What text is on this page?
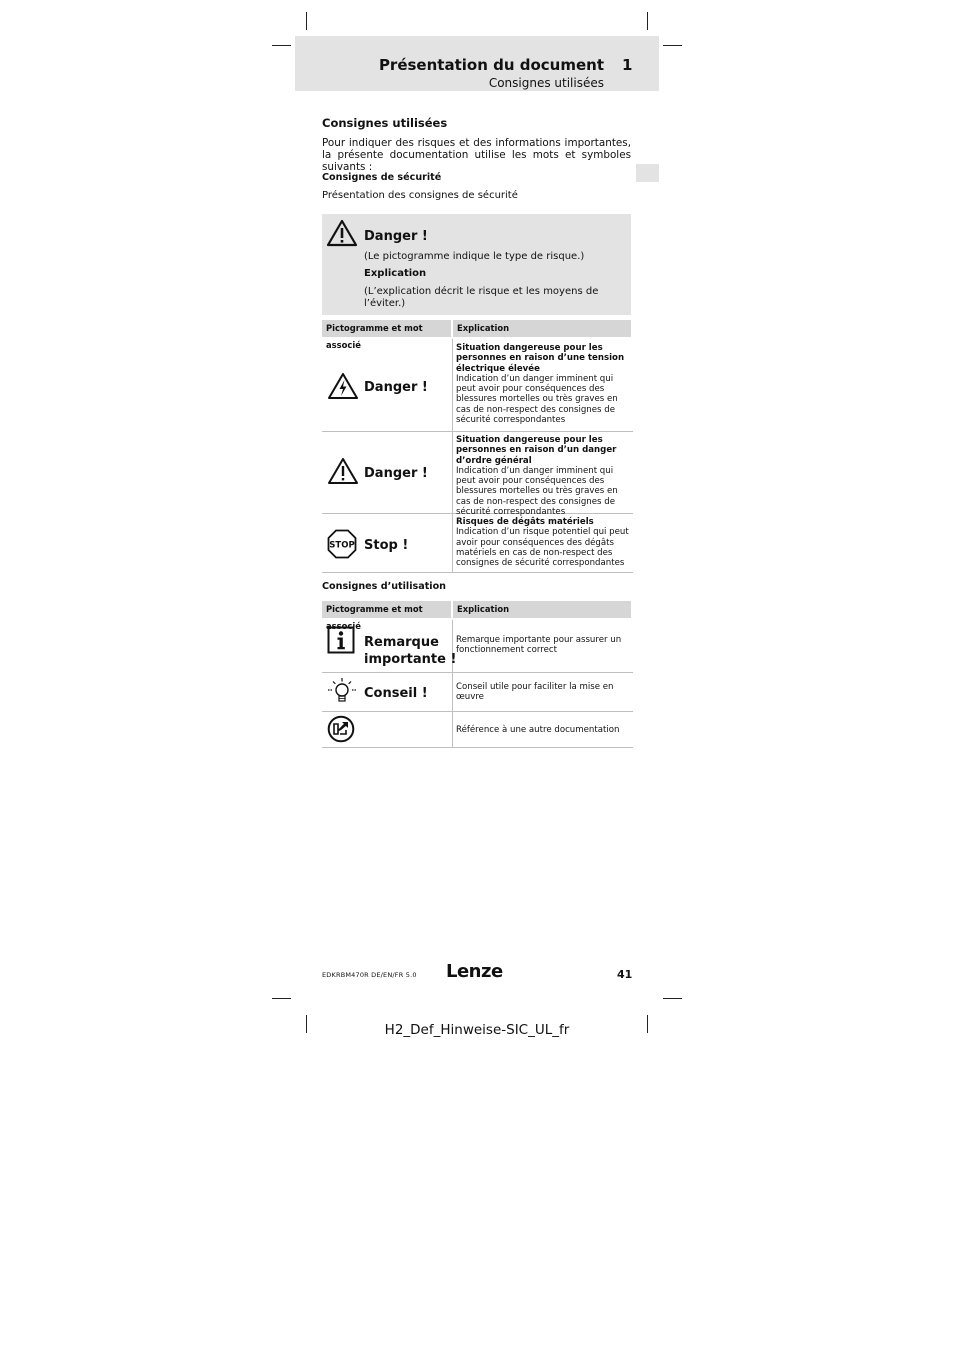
Présentation du document 1
Consignes utilisées
Consignes utilisées
Pour indiquer des risques et des informations importantes, la présente documentation utilise les mots et symboles suivants :
Consignes de sécurité
Présentation des consignes de sécurité
Danger !
(Le pictogramme indique le type de risque.)
Explication
(L’explication décrit le risque et les moyens de l’éviter.)
Pictogramme et mot associé
Explication
Danger !
Situation dangereuse pour les personnes en raison d’une tension électrique élevée
Indication d’un danger imminent qui peut avoir pour conséquences des blessures mortelles ou très graves en cas de non-respect des consignes de sécurité correspondantes
Danger !
Situation dangereuse pour les personnes en raison d’un danger d’ordre général
Indication d’un danger imminent qui peut avoir pour conséquences des blessures mortelles ou très graves en cas de non-respect des consignes de sécurité correspondantes
STOP Stop !
Risques de dégâts matériels
Indication d’un risque potentiel qui peut avoir pour conséquences des dégâts matériels en cas de non-respect des consignes de sécurité correspondantes
Consignes d’utilisation
Pictogramme et mot associé
Explication
Remarque
importante !
Remarque importante pour assurer un fonctionnement correct
Conseil !	Conseil utile pour faciliter la mise en œuvre
Référence à une autre documentation
EDKRBM470R DE/EN/FR 5.0 Lenze	41
H2_Def_Hinweise-SIC_UL_fr
